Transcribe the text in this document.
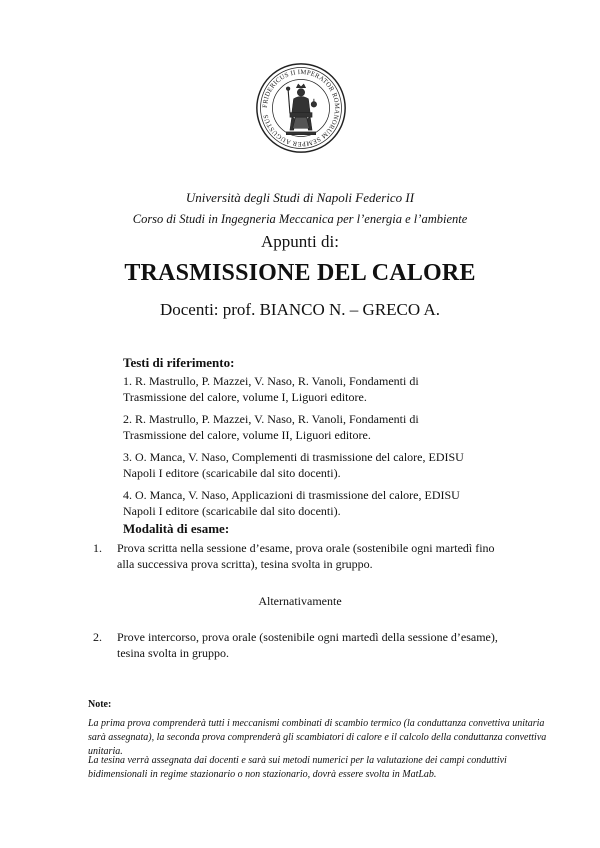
FRIDERICUS II IMPERATOR ROMANORUM SEMPER AUGUSTUS
Università degli Studi di Napoli Federico II
Corso di Studi in Ingegneria Meccanica per l’energia e l’ambiente
Appunti di:
TRASMISSIONE DEL CALORE
Docenti: prof. BIANCO N. – GRECO A.
Testi di riferimento:
1. R. Mastrullo, P. Mazzei, V. Naso, R. Vanoli, Fondamenti di Trasmissione del calore, volume I, Liguori editore.
2. R. Mastrullo, P. Mazzei, V. Naso, R. Vanoli, Fondamenti di Trasmissione del calore, volume II, Liguori editore.
3. O. Manca, V. Naso, Complementi di trasmissione del calore, EDISU Napoli I editore (scaricabile dal sito docenti).
4. O. Manca, V. Naso, Applicazioni di trasmissione del calore, EDISU Napoli I editore (scaricabile dal sito docenti).
Modalità di esame:
1. Prova scritta nella sessione d’esame, prova orale (sostenibile ogni martedì fino
alla successiva prova scritta), tesina svolta in gruppo.
Alternativamente
2. Prove intercorso, prova orale (sostenibile ogni martedì della sessione d’esame),
tesina svolta in gruppo.
Note:
La prima prova comprenderà tutti i meccanismi combinati di scambio termico (la conduttanza convettiva unitaria sarà assegnata), la seconda prova comprenderà gli scambiatori di calore e il calcolo della conduttanza convettiva unitaria.
La tesina verrà assegnata dai docenti e sarà sui metodi numerici per la valutazione dei campi conduttivi bidimensionali in regime stazionario o non stazionario, dovrà essere svolta in MatLab.
